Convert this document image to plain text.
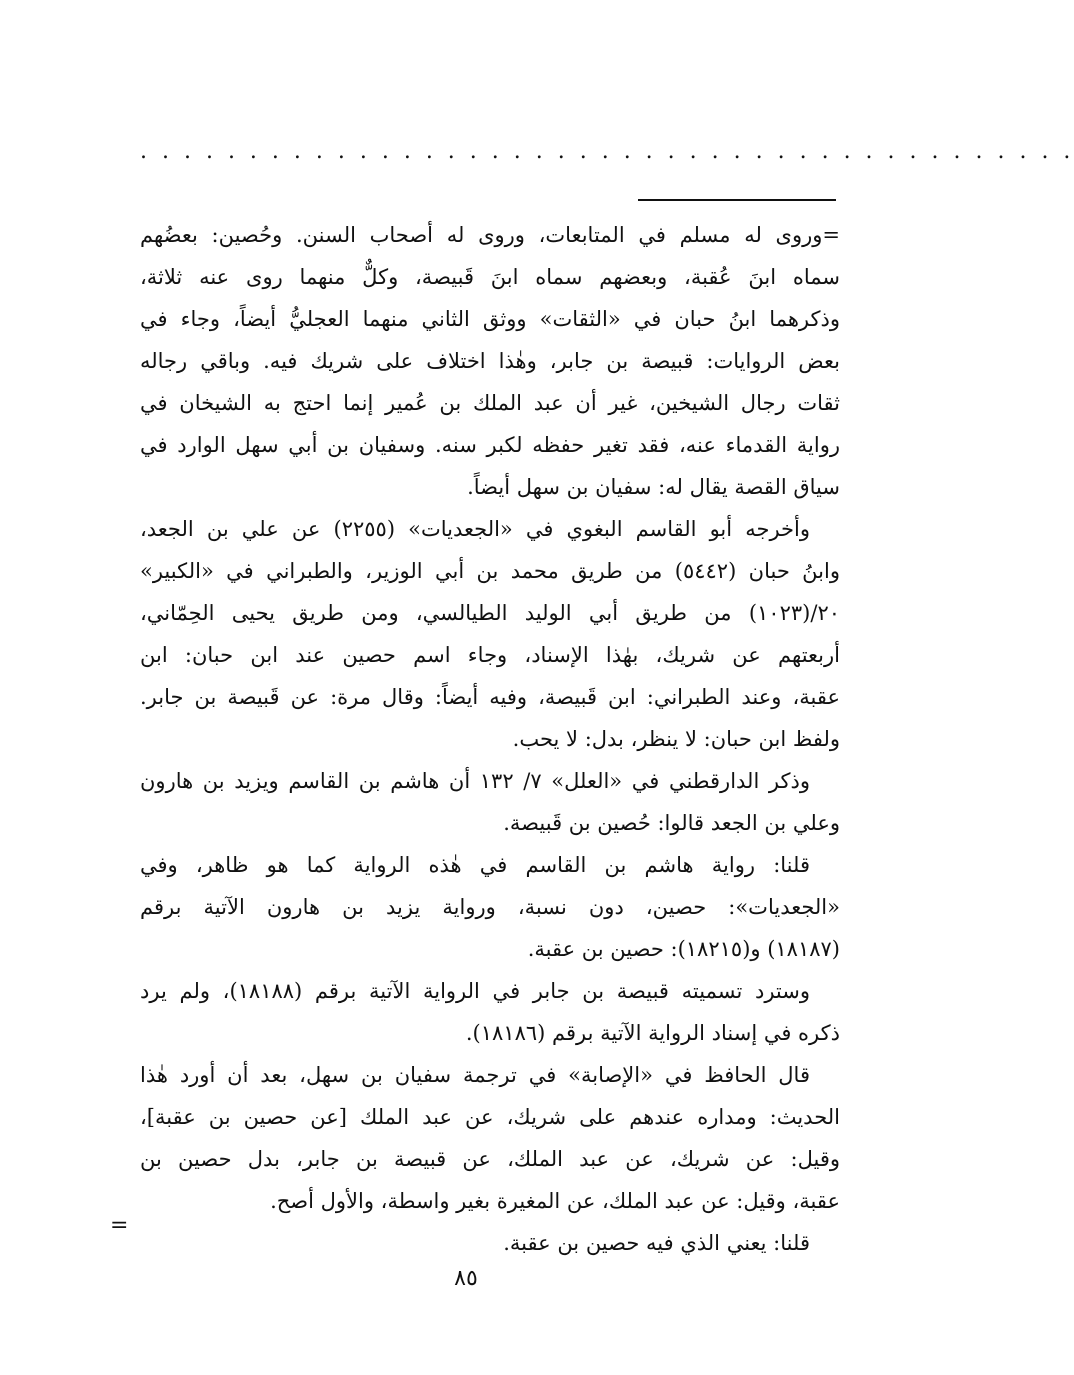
. . . . . . . . . . . . . . . . . . . . . . . . . . . . . . . . . . . . . . . . . . .
=وروى له مسلم في المتابعات، وروى له أصحاب السنن. وحُصين: بعضُهم
سماه ابنَ عُقبة، وبعضهم سماه ابنَ قَبيصة، وكلٌّ منهما روى عنه ثلاثة،
وذكرهما ابنُ حبان في «الثقات» ووثق الثاني منهما العجليُّ أيضاً، وجاء في
بعض الروايات: قبيصة بن جابر، وهٰذا اختلاف على شريك فيه. وباقي رجاله
ثقات رجال الشيخين، غير أن عبد الملك بن عُمير إنما احتج به الشيخان في
رواية القدماء عنه، فقد تغير حفظه لكبر سنه. وسفيان بن أبي سهل الوارد في
سياق القصة يقال له: سفيان بن سهل أيضاً.
وأخرجه أبو القاسم البغوي في «الجعديات» (٢٢٥٥) عن علي بن الجعد،
وابنُ حبان (٥٤٤٢) من طريق محمد بن أبي الوزير، والطبراني في «الكبير»
٢٠/(١٠٢٣) من طريق أبي الوليد الطيالسي، ومن طريق يحيى الحِمّاني،
أربعتهم عن شريك، بهٰذا الإسناد، وجاء اسم حصين عند ابن حبان: ابن
عقبة، وعند الطبراني: ابن قَبيصة، وفيه أيضاً: وقال مرة: عن قَبيصة بن جابر.
ولفظ ابن حبان: لا ينظر، بدل: لا يحب.
وذكر الدارقطني في «العلل» ٧/ ١٣٢ أن هاشم بن القاسم ويزيد بن هارون
وعلي بن الجعد قالوا: حُصين بن قَبيصة.
قلنا: رواية هاشم بن القاسم في هٰذه الرواية كما هو ظاهر، وفي
«الجعديات»: حصين، دون نسبة، ورواية يزيد بن هارون الآتية برقم
(١٨١٨٧) و(١٨٢١٥): حصين بن عقبة.
وسترد تسميته قبيصة بن جابر في الرواية الآتية برقم (١٨١٨٨)، ولم يرد
ذكره في إسناد الرواية الآتية برقم (١٨١٨٦).
قال الحافظ في «الإصابة» في ترجمة سفيان بن سهل، بعد أن أورد هٰذا
الحديث: ومداره عندهم على شريك، عن عبد الملك [عن حصين بن عقبة]،
وقيل: عن شريك، عن عبد الملك، عن قبيصة بن جابر، بدل حصين بن
عقبة، وقيل: عن عبد الملك، عن المغيرة بغير واسطة، والأول أصح.
قلنا: يعني الذي فيه حصين بن عقبة.
=
٨٥
